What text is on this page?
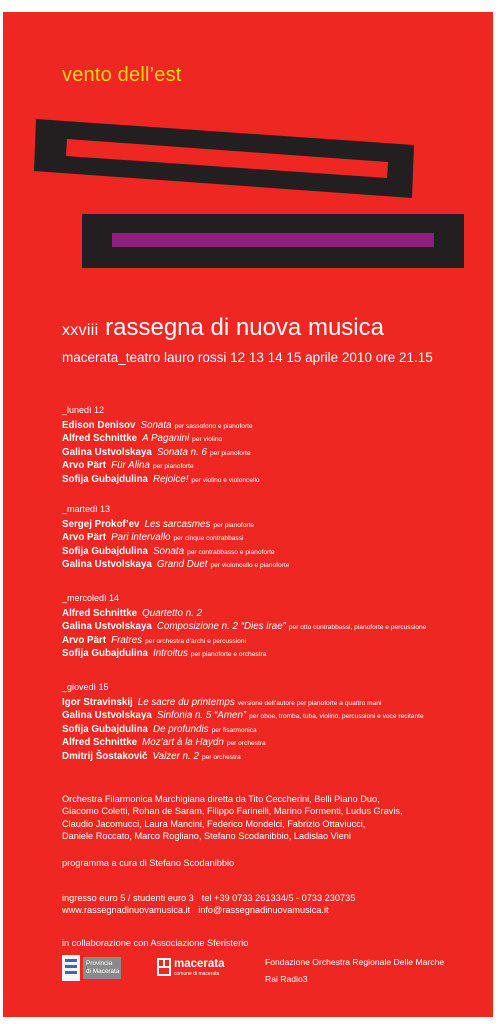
vento dell’est
xxviii rassegna di nuova musica
macerata_teatro lauro rossi 12 13 14 15 aprile 2010 ore 21.15
_lunedì 12
Edison Denisov Sonata per sassofono e pianoforte
Alfred Schnittke A Paganini per violino
Galina Ustvolskaya Sonata n. 6 per pianoforte
Arvo Pärt Für Alina per pianoforte
Sofija Gubajdulina Rejoice! per violino e violoncello
_martedì 13
Sergej Prokof’ev Les sarcasmes per pianoforte
Arvo Pärt Pari intervallo per cinque contrabbassi
Sofija Gubajdulina Sonata per contrabbasso e pianoforte
Galina Ustvolskaya Grand Duet per violoncello e pianoforte
_mercoledì 14
Alfred Schnittke Quartetto n. 2
Galina Ustvolskaya Composizione n. 2 “Dies irae” per otto contrabbassi, pianoforte e percussione
Arvo Pärt Fratres per orchestra d’archi e percussioni
Sofija Gubajdulina Introitus per pianoforte e orchestra
_giovedì 15
Igor Stravinskij Le sacre du printemps versione dell’autore per pianoforte a quattro mani
Galina Ustvolskaya Sinfonia n. 5 “Amen” per oboe, tromba, tuba, violino, percussioni e voce recitante
Sofija Gubajdulina De profundis per fisarmonica
Alfred Schnittke Moz’art à la Haydn per orchestra
Dmitrij Šostakovič Valzer n. 2 per orchestra
Orchestra Filarmonica Marchigiana diretta da Tito Ceccherini, Belli Piano Duo,
Giacomo Coletti, Rohan de Saram, Filippo Farinelli, Marino Formenti, Ludus Gravis,
Claudio Jacomucci, Laura Mancini, Federico Mondelci, Fabrizio Ottaviucci,
Daniele Roccato, Marco Rogliano, Stefano Scodanibbio, Ladislao Vieni
programma a cura di Stefano Scodanibbio
ingresso euro 5 / studenti euro 3 tel +39 0733 261334/5 - 0733 230735
www.rassegnadinuovamusica.it info@rassegnadinuovamusica.it
in collaborazione con Associazione Sferisterio
Provincia
di Macerata
macerata
comune di macerata
Fondazione Orchestra Regionale Delle Marche
Rai Radio3
